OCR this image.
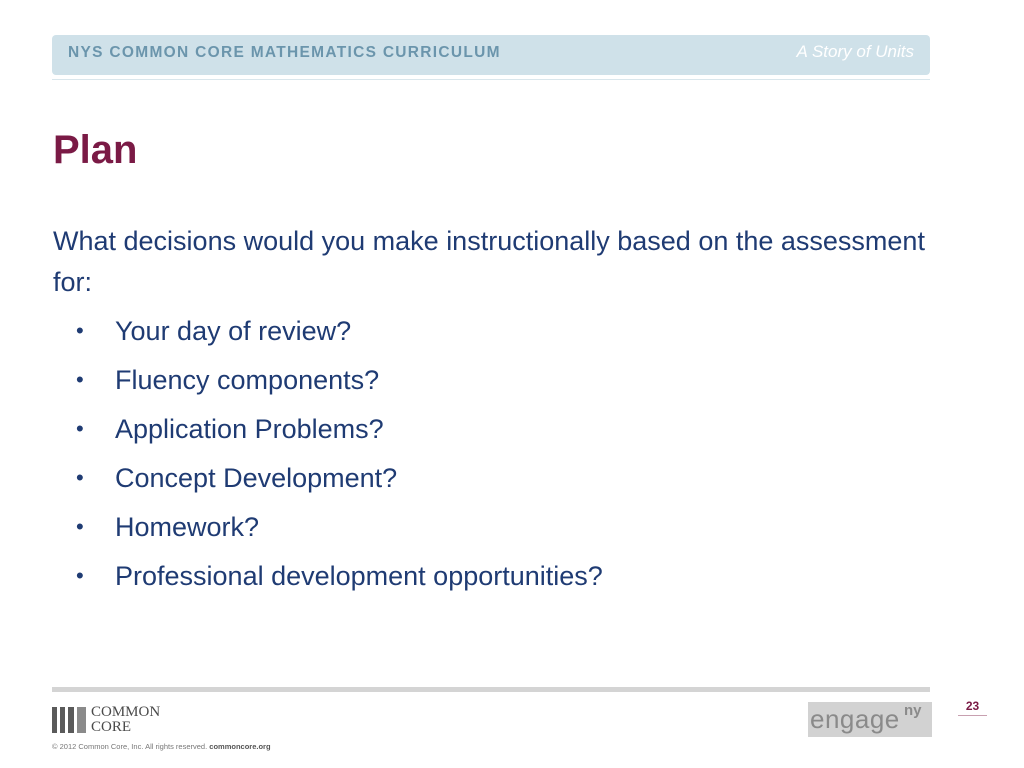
NYS COMMON CORE MATHEMATICS CURRICULUM	A Story of Units
Plan

What decisions would you make instructionally based on the assessment for:

• Your day of review?
• Fluency components?
• Application Problems?
• Concept Development?
• Homework?
• Professional development opportunities?
COMMON
CORE
© 2012 Common Core, Inc. All rights reserved. commoncore.org
engage ny	23
